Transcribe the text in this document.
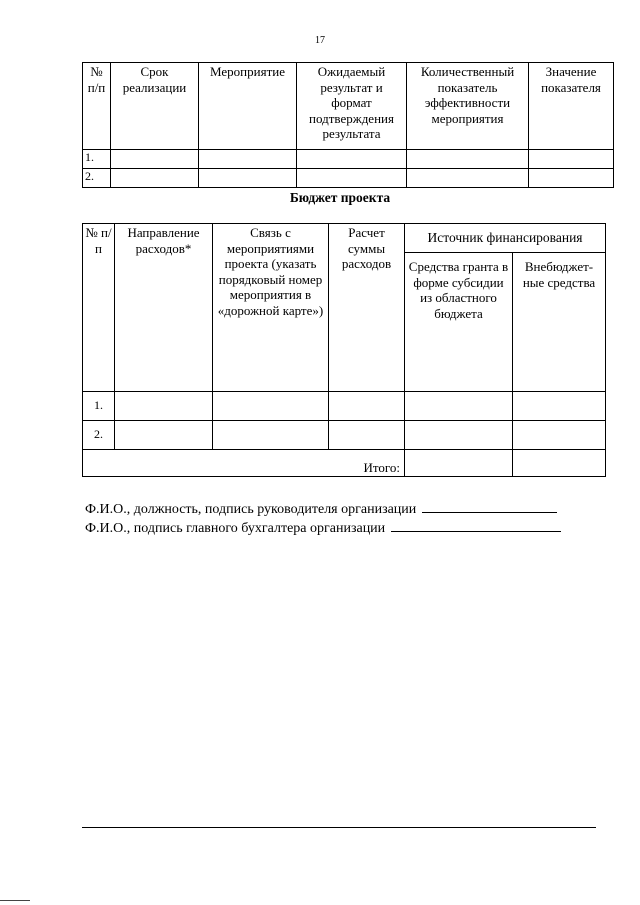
17
№ п/п	Срок реализации	Мероприятие	Ожидаемый результат и формат подтверждения результата	Количественный показатель эффективности мероприятия	Значение показателя
1.					
2.					
Бюджет проекта
№ п/п	Направление расходов*	Связь с мероприятиями проекта (указать порядковый номер мероприятия в «дорожной карте»)	Расчет суммы расходов	Источник финансирования	
				Средства гранта в форме субсидии из областного бюджета	Внебюджет-ные средства
1.					
2.					
Итого:					
Ф.И.О., должность, подпись руководителя организации
Ф.И.О., подпись главного бухгалтера организации
